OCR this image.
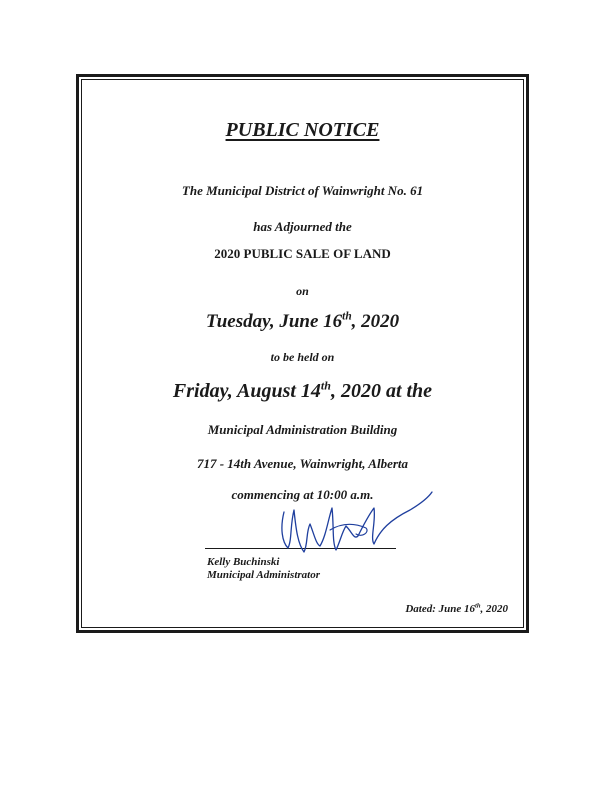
PUBLIC NOTICE
The Municipal District of Wainwright No. 61
has Adjourned the
2020 PUBLIC SALE OF LAND
on
Tuesday, June 16th, 2020
to be held on
Friday, August 14th, 2020 at the
Municipal Administration Building
717 - 14th Avenue, Wainwright, Alberta
commencing at 10:00 a.m.
Kelly Buchinski
Municipal Administrator
Dated: June 16th, 2020
